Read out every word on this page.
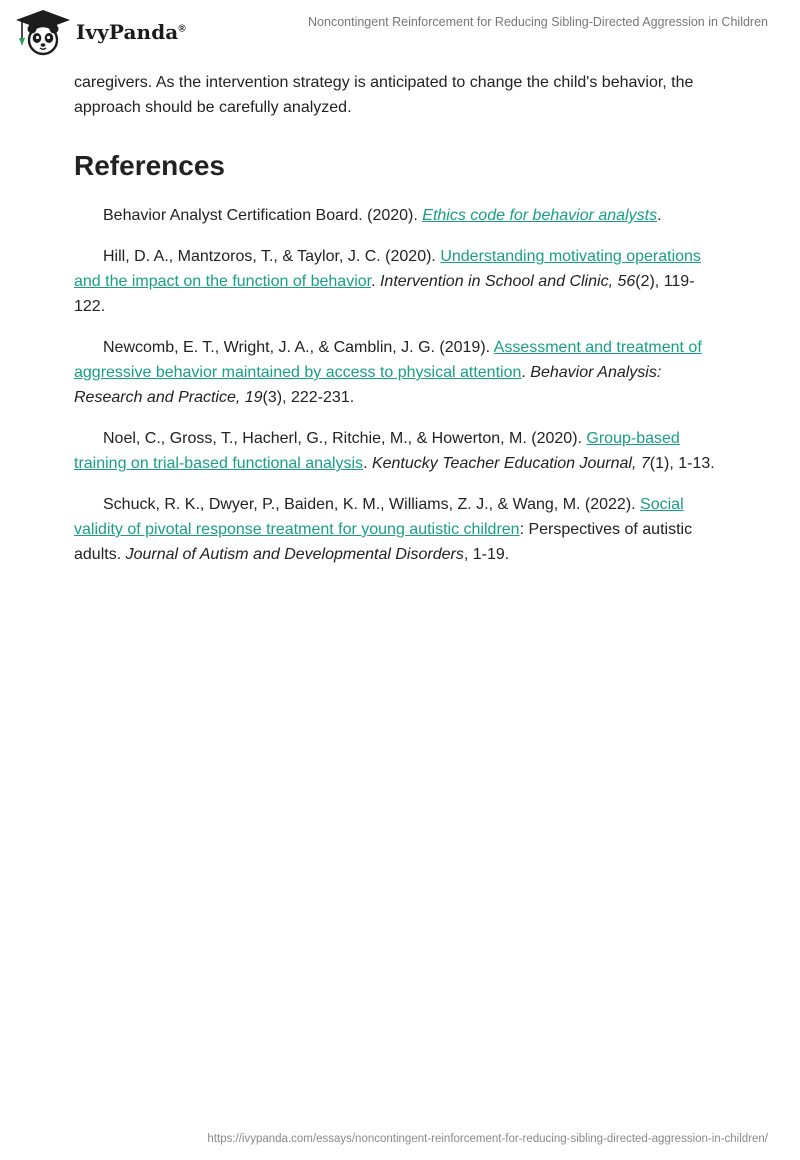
IvyPanda®	Noncontingent Reinforcement for Reducing Sibling-Directed Aggression in Children

caregivers. As the intervention strategy is anticipated to change the child's behavior, the approach should be carefully analyzed.

References
Behavior Analyst Certification Board. (2020). Ethics code for behavior analysts.
Hill, D. A., Mantzoros, T., & Taylor, J. C. (2020). Understanding motivating operations and the impact on the function of behavior. Intervention in School and Clinic, 56(2), 119-122.
Newcomb, E. T., Wright, J. A., & Camblin, J. G. (2019). Assessment and treatment of aggressive behavior maintained by access to physical attention. Behavior Analysis: Research and Practice, 19(3), 222-231.
Noel, C., Gross, T., Hacherl, G., Ritchie, M., & Howerton, M. (2020). Group-based training on trial-based functional analysis. Kentucky Teacher Education Journal, 7(1), 1-13.
Schuck, R. K., Dwyer, P., Baiden, K. M., Williams, Z. J., & Wang, M. (2022). Social validity of pivotal response treatment for young autistic children: Perspectives of autistic adults. Journal of Autism and Developmental Disorders, 1-19.
https://ivypanda.com/essays/noncontingent-reinforcement-for-reducing-sibling-directed-aggression-in-children/
